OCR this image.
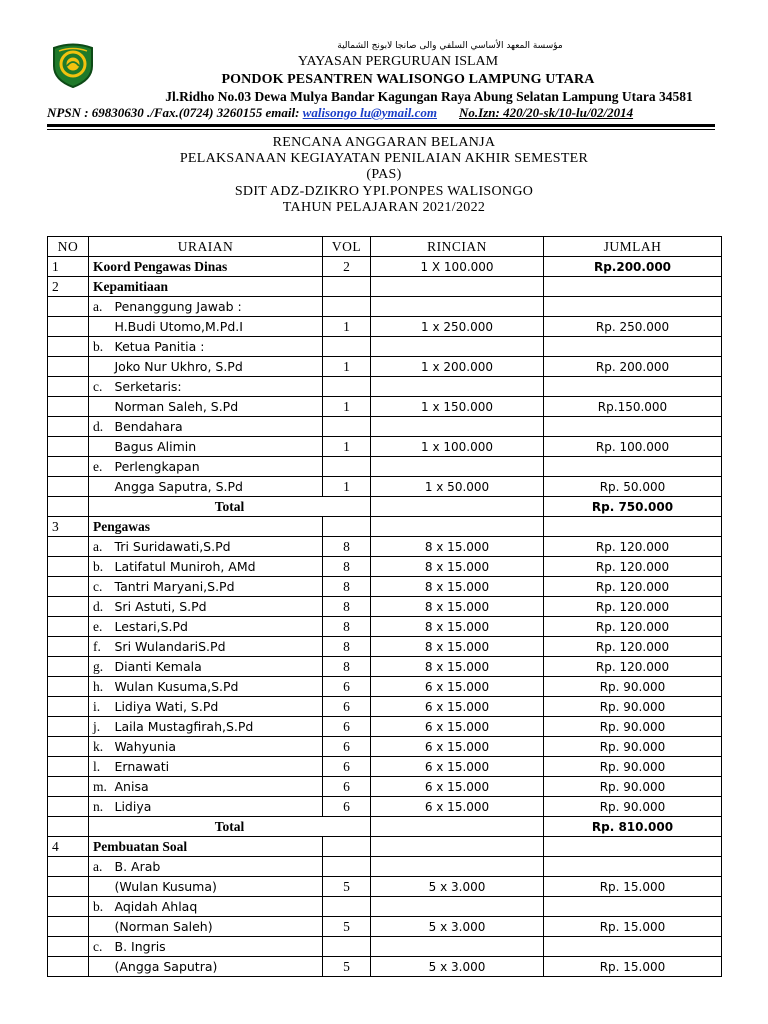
مؤسسة المعهد الأساسي السلفي والى صانجا لابونج الشمالية
YAYASAN PERGURUAN ISLAM
PONDOK PESANTREN WALISONGO LAMPUNG UTARA
Jl.Ridho No.03 Dewa Mulya Bandar Kagungan Raya Abung Selatan Lampung Utara 34581
NPSN : 69830630 ./Fax.(0724) 3260155 email: walisongo lu@ymail.com No.Izn: 420/20-sk/10-lu/02/2014
RENCANA ANGGARAN BELANJA
PELAKSANAAN KEGIAYATAN PENILAIAN AKHIR SEMESTER
(PAS)
SDIT ADZ-DZIKRO YPI.PONPES WALISONGO
TAHUN PELAJARAN 2021/2022
NO	URAIAN		VOL	RINCIAN	JUMLAH
1	Koord Pengawas Dinas		2	1 X 100.000	Rp.200.000
2	Kepamitiaan				
	a.	Penanggung Jawab :			
		H.Budi Utomo,M.Pd.I	1	1 x 250.000	Rp. 250.000
	b.	Ketua Panitia :			
		Joko Nur Ukhro, S.Pd	1	1 x 200.000	Rp. 200.000
	c.	Serketaris:			
		Norman Saleh, S.Pd	1	1 x 150.000	Rp.150.000
	d.	Bendahara			
		Bagus Alimin	1	1 x 100.000	Rp. 100.000
	e.	Perlengkapan			
		Angga Saputra, S.Pd	1	1 x 50.000	Rp. 50.000
	Total				Rp. 750.000
3	Pengawas				
	a.	Tri Suridawati,S.Pd	8	8 x 15.000	Rp. 120.000
	b.	Latifatul Muniroh, AMd	8	8 x 15.000	Rp. 120.000
	c.	Tantri Maryani,S.Pd	8	8 x 15.000	Rp. 120.000
	d.	Sri Astuti, S.Pd	8	8 x 15.000	Rp. 120.000
	e.	Lestari,S.Pd	8	8 x 15.000	Rp. 120.000
	f.	Sri WulandariS.Pd	8	8 x 15.000	Rp. 120.000
	g.	Dianti Kemala	8	8 x 15.000	Rp. 120.000
	h.	Wulan Kusuma,S.Pd	6	6 x 15.000	Rp. 90.000
	i.	Lidiya Wati, S.Pd	6	6 x 15.000	Rp. 90.000
	j.	Laila Mustagfirah,S.Pd	6	6 x 15.000	Rp. 90.000
	k.	Wahyunia	6	6 x 15.000	Rp. 90.000
	l.	Ernawati	6	6 x 15.000	Rp. 90.000
	m.	Anisa	6	6 x 15.000	Rp. 90.000
	n.	Lidiya	6	6 x 15.000	Rp. 90.000
	Total				Rp. 810.000
4	Pembuatan Soal				
	a.	B. Arab			
		(Wulan Kusuma)	5	5 x 3.000	Rp. 15.000
	b.	Aqidah Ahlaq			
		(Norman Saleh)	5	5 x 3.000	Rp. 15.000
	c.	B. Ingris			
		(Angga Saputra)	5	5 x 3.000	Rp. 15.000
